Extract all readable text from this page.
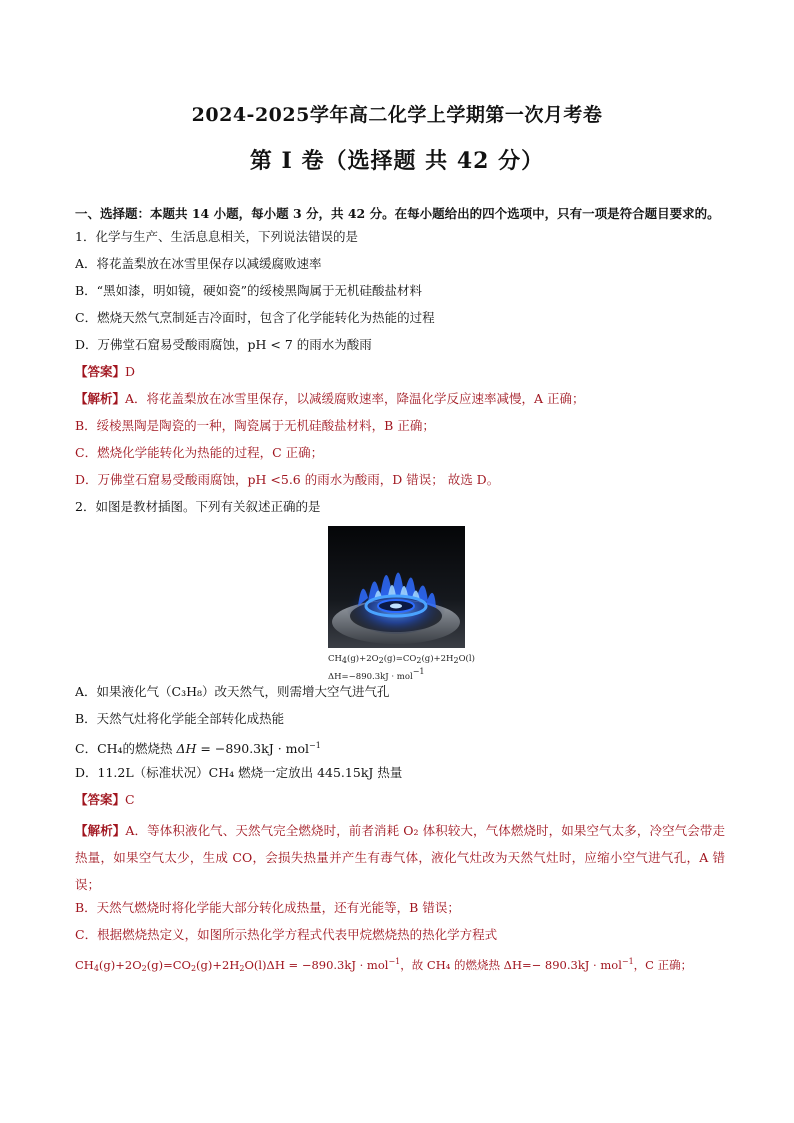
2024-2025学年高二化学上学期第一次月考卷
第 I 卷（选择题 共 42 分）
一、选择题：本题共 14 小题，每小题 3 分，共 42 分。在每小题给出的四个选项中，只有一项是符合题目要求的。
1．化学与生产、生活息息相关，下列说法错误的是
A．将花盖梨放在冰雪里保存以减缓腐败速率
B．“黑如漆，明如镜，硬如瓷”的绥棱黑陶属于无机硅酸盐材料
C．燃烧天然气烹制延吉冷面时，包含了化学能转化为热能的过程
D．万佛堂石窟易受酸雨腐蚀，pH < 7 的雨水为酸雨
【答案】D
【解析】A．将花盖梨放在冰雪里保存，以减缓腐败速率，降温化学反应速率减慢，A 正确；
B．绥棱黑陶是陶瓷的一种，陶瓷属于无机硅酸盐材料，B 正确；
C．燃烧化学能转化为热能的过程，C 正确；
D．万佛堂石窟易受酸雨腐蚀，pH <5.6 的雨水为酸雨，D 错误； 故选 D。
2．如图是教材插图。下列有关叙述正确的是
CH4(g)+2O2(g)=CO2(g)+2H2O(l)
ΔH=−890.3kJ · mol−1
A．如果液化气（C₃H₈）改天然气，则需增大空气进气孔
B．天然气灶将化学能全部转化成热能
C．CH₄的燃烧热 ΔH = −890.3kJ · mol$^{-1}$
D．11.2L（标准状况）CH₄ 燃烧一定放出 445.15kJ 热量
【答案】C
【解析】A．等体积液化气、天然气完全燃烧时，前者消耗 O₂ 体积较大，气体燃烧时，如果空气太多，冷空气会带走热量，如果空气太少，生成 CO，会损失热量并产生有毒气体，液化气灶改为天然气灶时，应缩小空气进气孔，A 错误；
B．天然气燃烧时将化学能大部分转化成热量，还有光能等，B 错误；
C．根据燃烧热定义，如图所示热化学方程式代表甲烷燃烧热的热化学方程式
$CH_4(g)+2O_2(g)=CO_2(g)+2H_2O(l)\Delta H = -890.3kJ \cdot mol^{-1}$，故 CH₄ 的燃烧热 ΔH=− 890.3kJ · mol$^{-1}$，C 正确；
